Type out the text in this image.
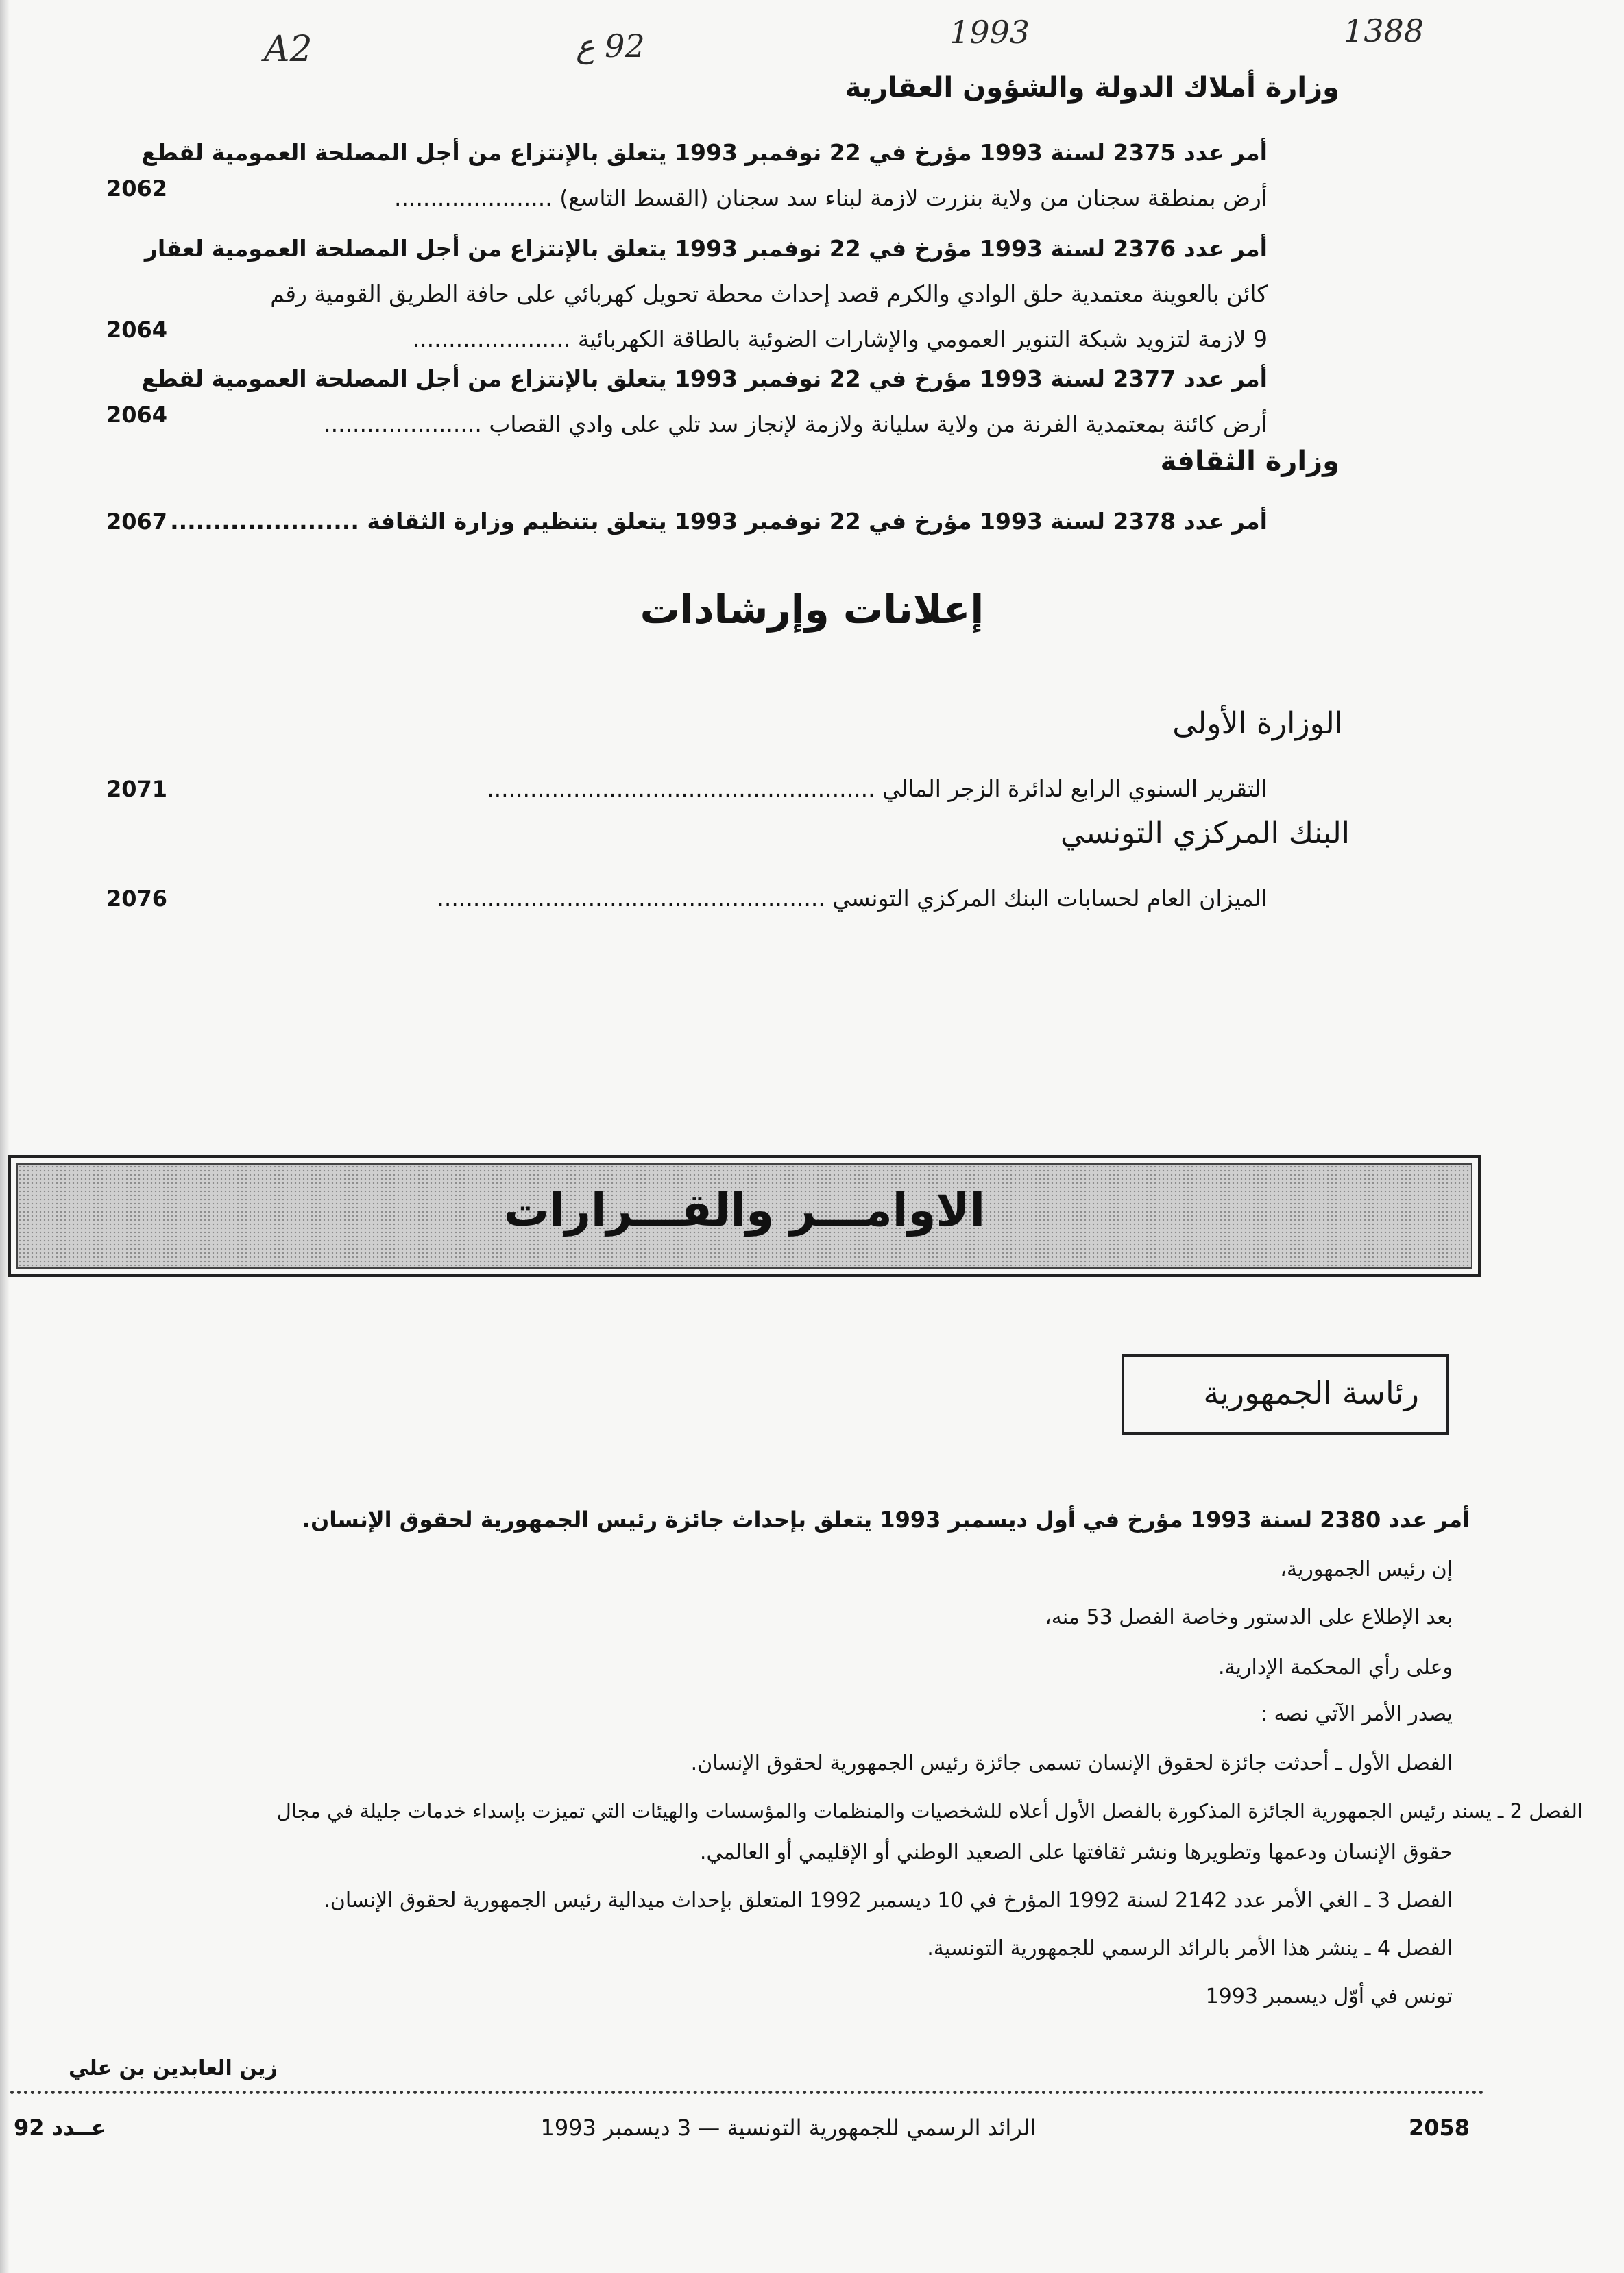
A2	92 ع	1993	1388
وزارة أملاك الدولة والشؤون العقارية
أمر عدد 2375 لسنة 1993 مؤرخ في 22 نوفمبر 1993 يتعلق بالإنتزاع من أجل المصلحة العمومية لقطع
أرض بمنطقة سجنان من ولاية بنزرت لازمة لبناء سد سجنان (القسط التاسع) ......................
2062
أمر عدد 2376 لسنة 1993 مؤرخ في 22 نوفمبر 1993 يتعلق بالإنتزاع من أجل المصلحة العمومية لعقار
كائن بالعوينة معتمدية حلق الوادي والكرم قصد إحداث محطة تحويل كهربائي على حافة الطريق القومية رقم
9 لازمة لتزويد شبكة التنوير العمومي والإشارات الضوئية بالطاقة الكهربائية ......................
2064
أمر عدد 2377 لسنة 1993 مؤرخ في 22 نوفمبر 1993 يتعلق بالإنتزاع من أجل المصلحة العمومية لقطع
أرض كائنة بمعتمدية الفرنة من ولاية سليانة ولازمة لإنجاز سد تلي على وادي القصاب ......................
2064
وزارة الثقافة
أمر عدد 2378 لسنة 1993 مؤرخ في 22 نوفمبر 1993 يتعلق بتنظيم وزارة الثقافة ......................
2067
إعلانات وإرشادات
الوزارة الأولى
التقرير السنوي الرابع لدائرة الزجر المالي ......................................................
2071
البنك المركزي التونسي
الميزان العام لحسابات البنك المركزي التونسي ......................................................
2076
الاوامـــر والقـــرارات
رئاسة الجمهورية
أمر عدد 2380 لسنة 1993 مؤرخ في أول ديسمبر 1993 يتعلق بإحداث جائزة رئيس الجمهورية لحقوق الإنسان.
إن رئيس الجمهورية،
بعد الإطلاع على الدستور وخاصة الفصل 53 منه،
وعلى رأي المحكمة الإدارية.
يصدر الأمر الآتي نصه :
الفصل الأول ـ أحدثت جائزة لحقوق الإنسان تسمى جائزة رئيس الجمهورية لحقوق الإنسان.
الفصل 2 ـ يسند رئيس الجمهورية الجائزة المذكورة بالفصل الأول أعلاه للشخصيات والمنظمات والمؤسسات والهيئات التي تميزت بإسداء خدمات جليلة في مجال
حقوق الإنسان ودعمها وتطويرها ونشر ثقافتها على الصعيد الوطني أو الإقليمي أو العالمي.
الفصل 3 ـ الغي الأمر عدد 2142 لسنة 1992 المؤرخ في 10 ديسمبر 1992 المتعلق بإحداث ميدالية رئيس الجمهورية لحقوق الإنسان.
الفصل 4 ـ ينشر هذا الأمر بالرائد الرسمي للجمهورية التونسية.
تونس في أوّل ديسمبر 1993
زين العابدين بن علي
عــدد 92	الرائد الرسمي للجمهورية التونسية — 3 ديسمبر 1993	2058
